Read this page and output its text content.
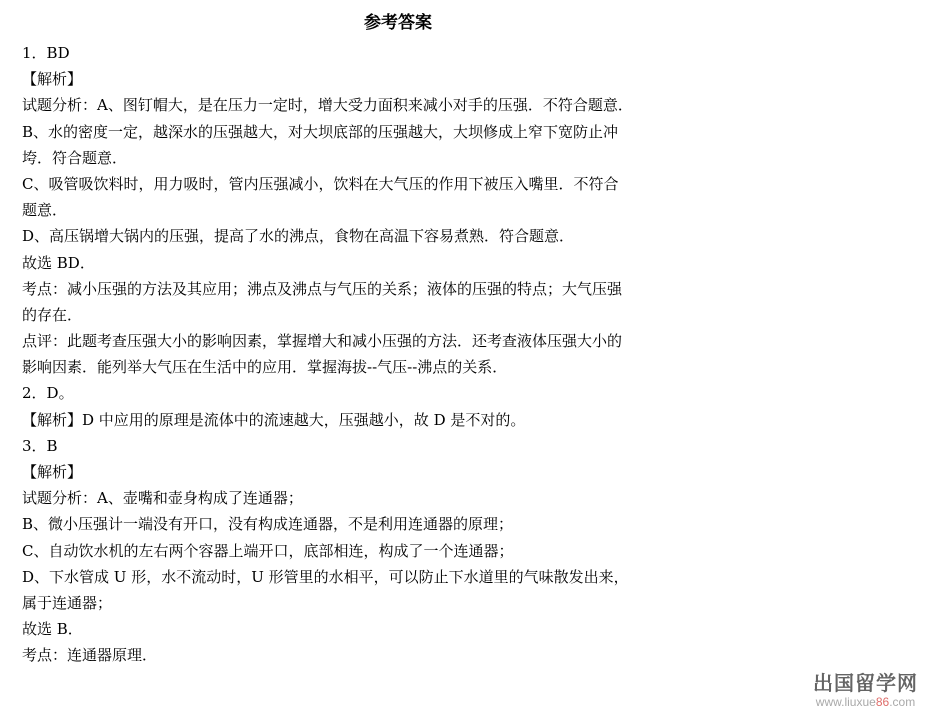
参考答案
1．BD
【解析】
试题分析：A、图钉帽大，是在压力一定时，增大受力面积来减小对手的压强．不符合题意．
B、水的密度一定，越深水的压强越大，对大坝底部的压强越大，大坝修成上窄下宽防止冲
垮．符合题意．
C、吸管吸饮料时，用力吸时，管内压强减小，饮料在大气压的作用下被压入嘴里．不符合
题意．
D、高压锅增大锅内的压强，提高了水的沸点，食物在高温下容易煮熟．符合题意．
故选 BD．
考点：减小压强的方法及其应用；沸点及沸点与气压的关系；液体的压强的特点；大气压强
的存在．
点评：此题考查压强大小的影响因素，掌握增大和减小压强的方法．还考查液体压强大小的
影响因素．能列举大气压在生活中的应用．掌握海拔--气压--沸点的关系．
2．D。
【解析】D 中应用的原理是流体中的流速越大，压强越小，故 D 是不对的。
3．B
【解析】
试题分析：A、壶嘴和壶身构成了连通器；
B、微小压强计一端没有开口，没有构成连通器，不是利用连通器的原理；
C、自动饮水机的左右两个容器上端开口，底部相连，构成了一个连通器；
D、下水管成 U 形，水不流动时，U 形管里的水相平，可以防止下水道里的气味散发出来，
属于连通器；
故选 B．
考点：连通器原理．
出国留学网
www.liuxue86.com
